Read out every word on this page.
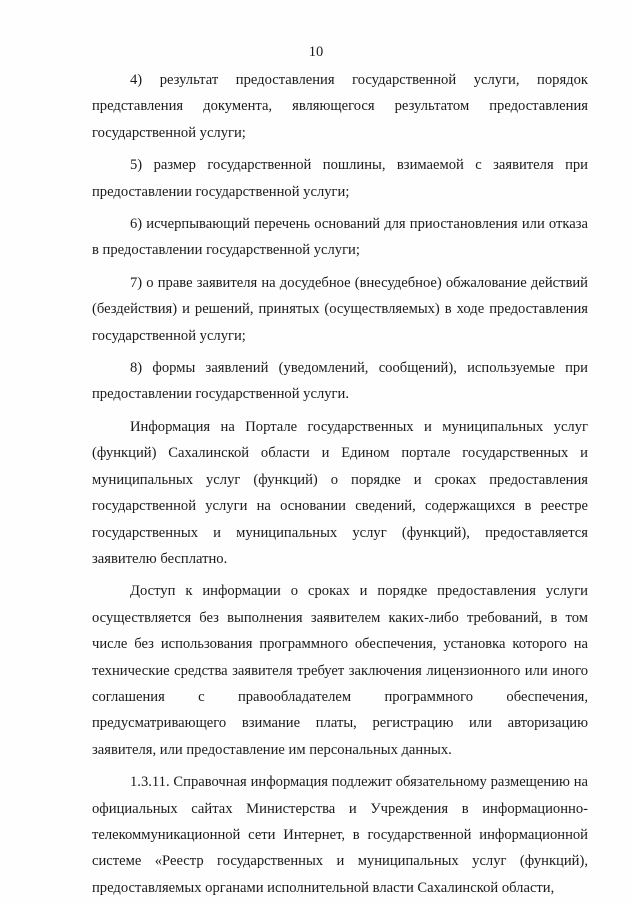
10

4) результат предоставления государственной услуги, порядок представления документа, являющегося результатом предоставления государственной услуги;

5) размер государственной пошлины, взимаемой с заявителя при предоставлении государственной услуги;

6) исчерпывающий перечень оснований для приостановления или отказа в предоставлении государственной услуги;

7) о праве заявителя на досудебное (внесудебное) обжалование действий (бездействия) и решений, принятых (осуществляемых) в ходе предоставления государственной услуги;

8) формы заявлений (уведомлений, сообщений), используемые при предоставлении государственной услуги.

Информация на Портале государственных и муниципальных услуг (функций) Сахалинской области и Едином портале государственных и муниципальных услуг (функций) о порядке и сроках предоставления государственной услуги на основании сведений, содержащихся в реестре государственных и муниципальных услуг (функций), предоставляется заявителю бесплатно.

Доступ к информации о сроках и порядке предоставления услуги осуществляется без выполнения заявителем каких-либо требований, в том числе без использования программного обеспечения, установка которого на технические средства заявителя требует заключения лицензионного или иного соглашения с правообладателем программного обеспечения, предусматривающего взимание платы, регистрацию или авторизацию заявителя, или предоставление им персональных данных.

1.3.11. Справочная информация подлежит обязательному размещению на официальных сайтах Министерства и Учреждения в информационно-телекоммуникационной сети Интернет, в государственной информационной системе «Реестр государственных и муниципальных услуг (функций), предоставляемых органами исполнительной власти Сахалинской области,
